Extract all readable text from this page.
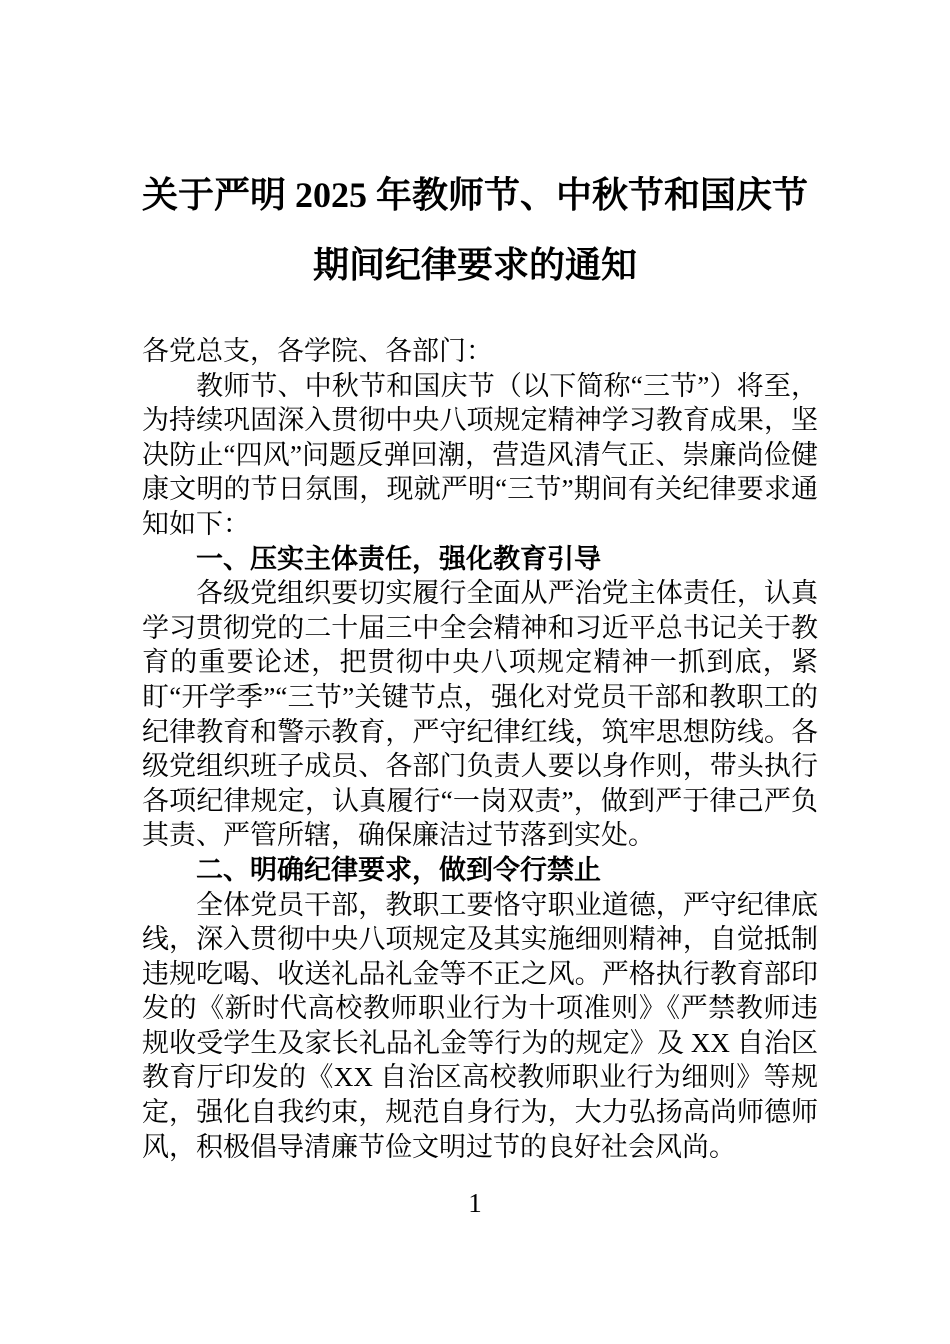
关于严明 2025 年教师节、中秋节和国庆节
期间纪律要求的通知

各党总支，各学院、各部门：

教师节、中秋节和国庆节（以下简称“三节”）将至，为持续巩固深入贯彻中央八项规定精神学习教育成果，坚决防止“四风”问题反弹回潮，营造风清气正、崇廉尚俭健康文明的节日氛围，现就严明“三节”期间有关纪律要求通知如下：

一、压实主体责任，强化教育引导

各级党组织要切实履行全面从严治党主体责任，认真学习贯彻党的二十届三中全会精神和习近平总书记关于教育的重要论述，把贯彻中央八项规定精神一抓到底，紧盯“开学季”“三节”关键节点，强化对党员干部和教职工的纪律教育和警示教育，严守纪律红线，筑牢思想防线。各级党组织班子成员、各部门负责人要以身作则，带头执行各项纪律规定，认真履行“一岗双责”，做到严于律己严负其责、严管所辖，确保廉洁过节落到实处。

二、明确纪律要求，做到令行禁止

全体党员干部，教职工要恪守职业道德，严守纪律底线，深入贯彻中央八项规定及其实施细则精神，自觉抵制违规吃喝、收送礼品礼金等不正之风。严格执行教育部印发的《新时代高校教师职业行为十项准则》《严禁教师违规收受学生及家长礼品礼金等行为的规定》及 XX 自治区教育厅印发的《XX 自治区高校教师职业行为细则》等规定，强化自我约束，规范自身行为，大力弘扬高尚师德师风，积极倡导清廉节俭文明过节的良好社会风尚。

1
